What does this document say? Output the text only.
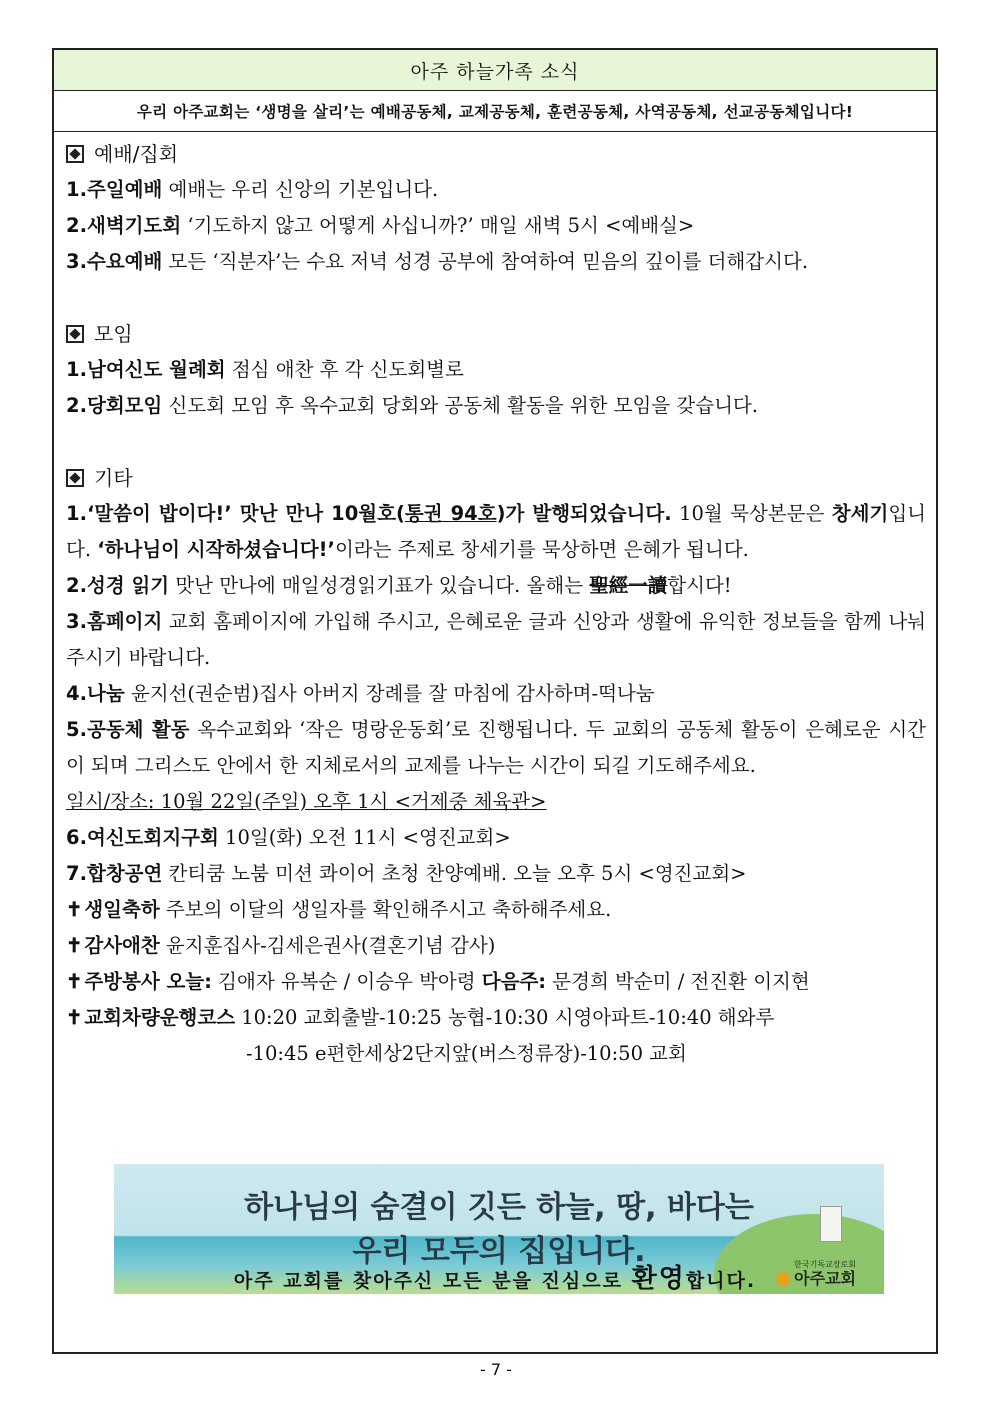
아주 하늘가족 소식
우리 아주교회는 ‘생명을 살리’는 예배공동체, 교제공동체, 훈련공동체, 사역공동체, 선교공동체입니다!
예배/집회
1.주일예배 예배는 우리 신앙의 기본입니다.
2.새벽기도회 ‘기도하지 않고 어떻게 사십니까?’ 매일 새벽 5시 <예배실>
3.수요예배 모든 ‘직분자’는 수요 저녁 성경 공부에 참여하여 믿음의 깊이를 더해갑시다.
모임
1.남여신도 월례회 점심 애찬 후 각 신도회별로
2.당회모임 신도회 모임 후 옥수교회 당회와 공동체 활동을 위한 모임을 갖습니다.
기타
1.‘말씀이 밥이다!’ 맛난 만나 10월호(통권 94호)가 발행되었습니다. 10월 묵상본문은 창세기입니다. ‘하나님이 시작하셨습니다!’이라는 주제로 창세기를 묵상하면 은혜가 됩니다.
2.성경 읽기 맛난 만나에 매일성경읽기표가 있습니다. 올해는 聖經一讀합시다!
3.홈페이지 교회 홈페이지에 가입해 주시고, 은혜로운 글과 신앙과 생활에 유익한 정보들을 함께 나눠 주시기 바랍니다.
4.나눔 윤지선(권순범)집사 아버지 장례를 잘 마침에 감사하며-떡나눔
5.공동체 활동 옥수교회와 ‘작은 명랑운동회’로 진행됩니다. 두 교회의 공동체 활동이 은혜로운 시간이 되며 그리스도 안에서 한 지체로서의 교제를 나누는 시간이 되길 기도해주세요.
일시/장소: 10월 22일(주일) 오후 1시 <거제중 체육관>
6.여신도회지구회 10일(화) 오전 11시 <영진교회>
7.합창공연 칸티쿰 노붐 미션 콰이어 초청 찬양예배. 오늘 오후 5시 <영진교회>
✝ 생일축하 주보의 이달의 생일자를 확인해주시고 축하해주세요.
✝ 감사애찬 윤지훈집사-김세은권사(결혼기념 감사)
✝ 주방봉사 오늘: 김애자 유복순 / 이승우 박아령 다음주: 문경희 박순미 / 전진환 이지현
✝ 교회차량운행코스 10:20 교회출발-10:25 농협-10:30 시영아파트-10:40 해와루
-10:45 e편한세상2단지앞(버스정류장)-10:50 교회
하나님의 숨결이 깃든 하늘, 땅, 바다는
우리 모두의 집입니다.	한국기독교장로회
아주교회
아주 교회를 찾아주신 모든 분을 진심으로 환영합니다.
- 7 -
